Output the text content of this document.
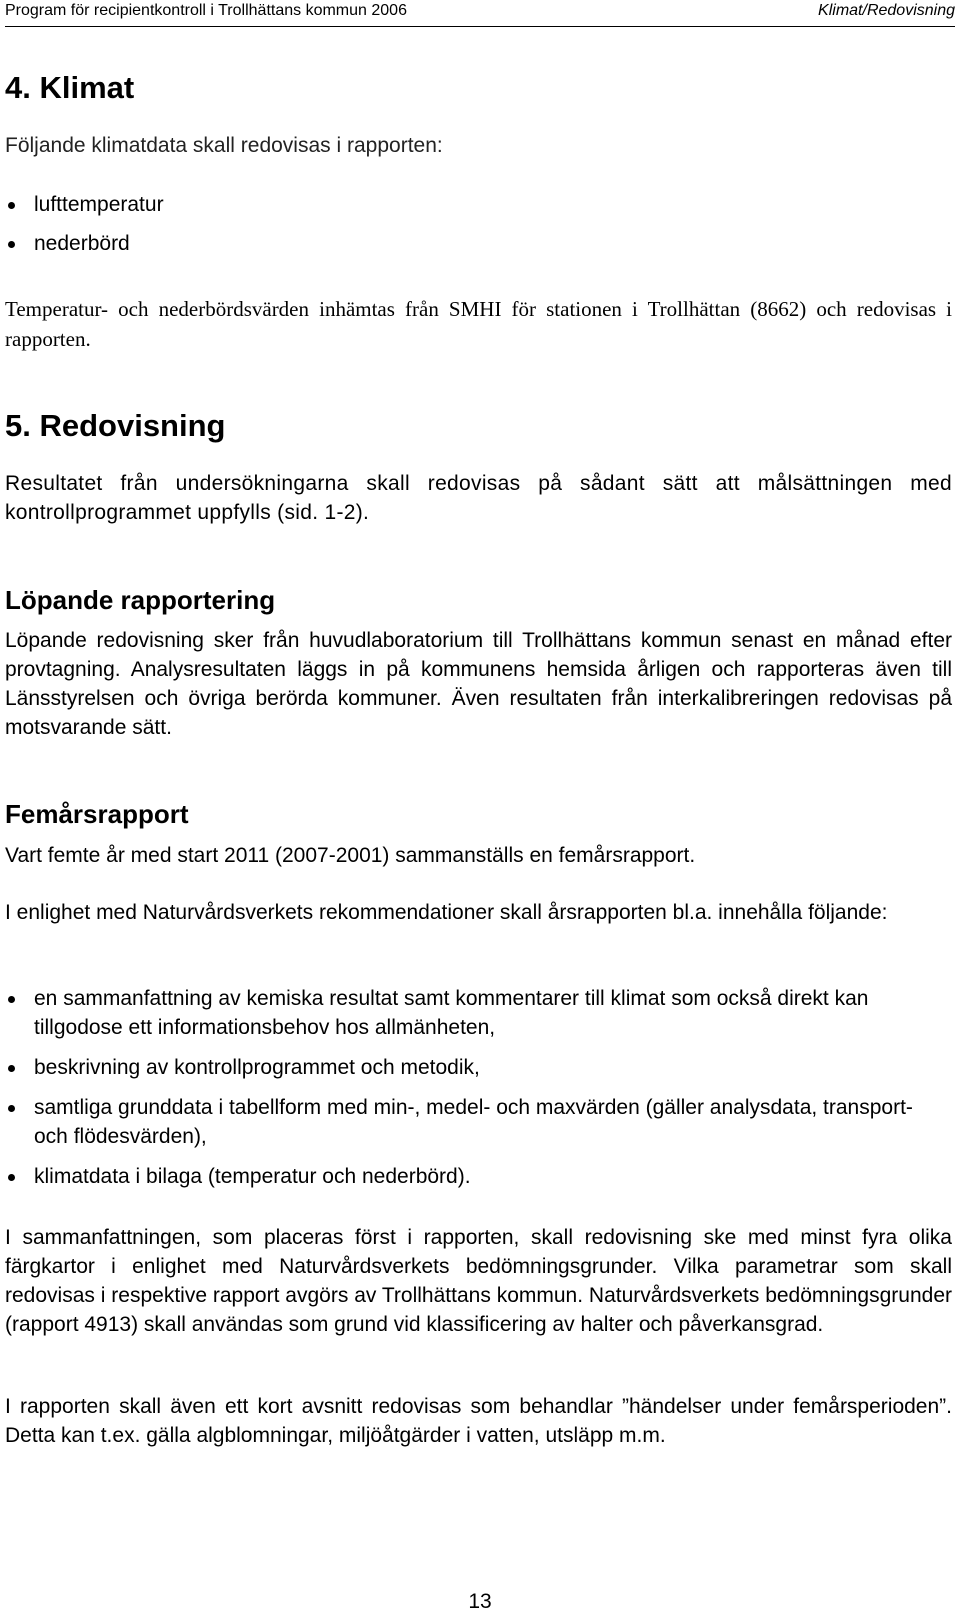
Program för recipientkontroll i Trollhättans kommun 2006	Klimat/Redovisning
4. Klimat
Följande klimatdata skall redovisas i rapporten:
lufttemperatur
nederbörd
Temperatur- och nederbördsvärden inhämtas från SMHI för stationen i Trollhättan (8662) och redovisas i rapporten.
5. Redovisning
Resultatet från undersökningarna skall redovisas på sådant sätt att målsättningen med kontrollprogrammet uppfylls (sid. 1-2).
Löpande rapportering
Löpande redovisning sker från huvudlaboratorium till Trollhättans kommun senast en månad efter provtagning. Analysresultaten läggs in på kommunens hemsida årligen och rapporteras även till Länsstyrelsen och övriga berörda kommuner. Även resultaten från interkalibreringen redovisas på motsvarande sätt.
Femårsrapport
Vart femte år med start 2011 (2007-2001) sammanställs en femårsrapport.
I enlighet med Naturvårdsverkets rekommendationer skall årsrapporten bl.a. innehålla följande:
en sammanfattning av kemiska resultat samt kommentarer till klimat som också direkt kan tillgodose ett informationsbehov hos allmänheten,
beskrivning av kontrollprogrammet och metodik,
samtliga grunddata i tabellform med min-, medel- och maxvärden (gäller analysdata, transport- och flödesvärden),
klimatdata i bilaga (temperatur och nederbörd).
I sammanfattningen, som placeras först i rapporten, skall redovisning ske med minst fyra olika färgkartor i enlighet med Naturvårdsverkets bedömningsgrunder. Vilka parametrar som skall redovisas i respektive rapport avgörs av Trollhättans kommun. Naturvårdsverkets bedömningsgrunder (rapport 4913) skall användas som grund vid klassificering av halter och påverkansgrad.
I rapporten skall även ett kort avsnitt redovisas som behandlar ”händelser under femårsperioden”. Detta kan t.ex. gälla algblomningar, miljöåtgärder i vatten, utsläpp m.m.
13
